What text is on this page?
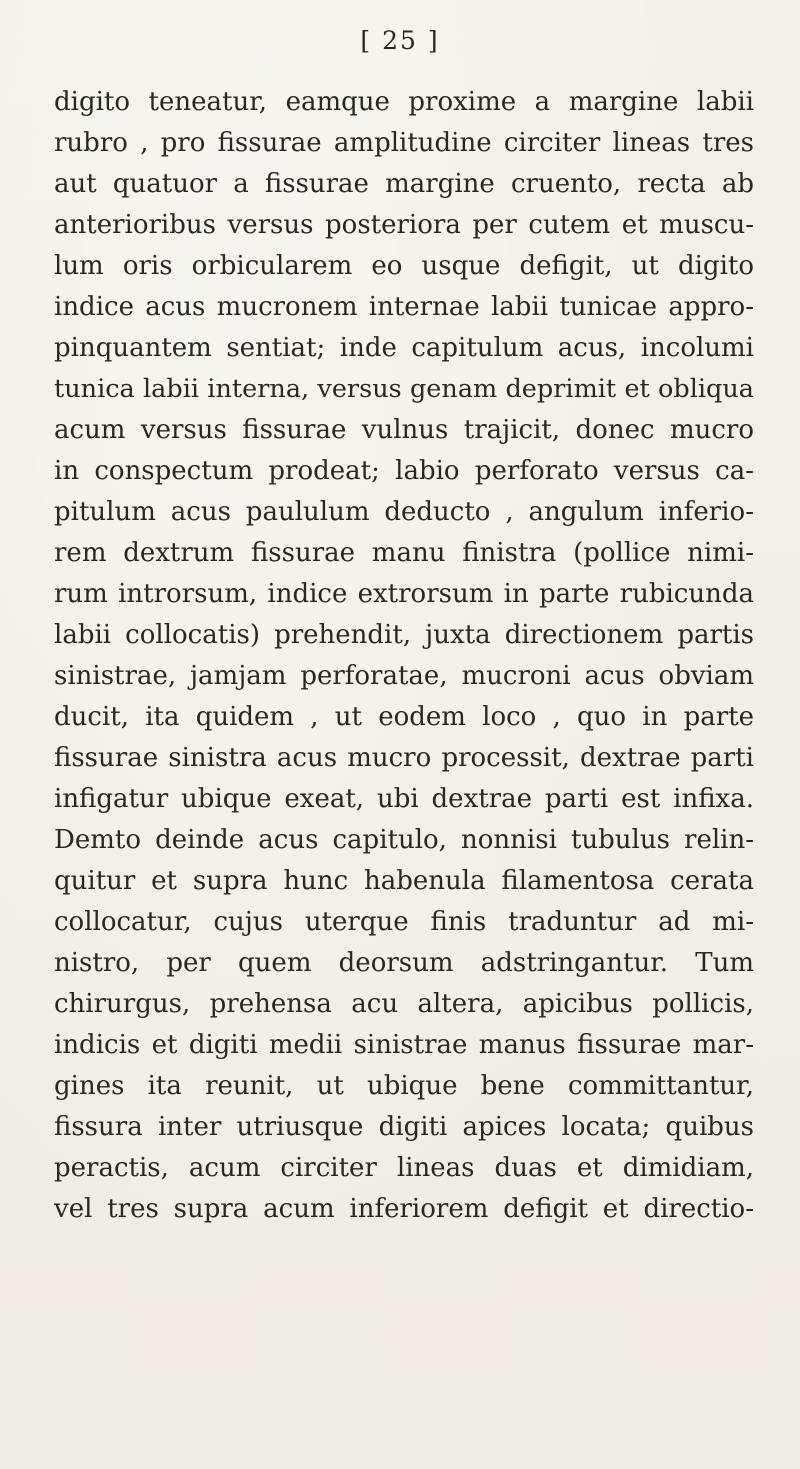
[ 25 ]
digito teneatur, eamque proxime a margine labii
rubro , pro fissurae amplitudine circiter lineas tres
aut quatuor a fissurae margine cruento, recta ab
anterioribus versus posteriora per cutem et muscu-
lum oris orbicularem eo usque defigit, ut digito
indice acus mucronem internae labii tunicae appro-
pinquantem sentiat; inde capitulum acus, incolumi
tunica labii interna, versus genam deprimit et obliqua
acum versus fissurae vulnus trajicit, donec mucro
in conspectum prodeat; labio perforato versus ca-
pitulum acus paululum deducto , angulum inferio-
rem dextrum fissurae manu finistra (pollice nimi-
rum introrsum, indice extrorsum in parte rubicunda
labii collocatis) prehendit, juxta directionem partis
sinistrae, jamjam perforatae, mucroni acus obviam
ducit, ita quidem , ut eodem loco , quo in parte
fissurae sinistra acus mucro processit, dextrae parti
infigatur ubique exeat, ubi dextrae parti est infixa.
Demto deinde acus capitulo, nonnisi tubulus relin-
quitur et supra hunc habenula filamentosa cerata
collocatur, cujus uterque finis traduntur ad mi-
nistro, per quem deorsum adstringantur. Tum
chirurgus, prehensa acu altera, apicibus pollicis,
indicis et digiti medii sinistrae manus fissurae mar-
gines ita reunit, ut ubique bene committantur,
fissura inter utriusque digiti apices locata; quibus
peractis, acum circiter lineas duas et dimidiam,
vel tres supra acum inferiorem defigit et directio-
